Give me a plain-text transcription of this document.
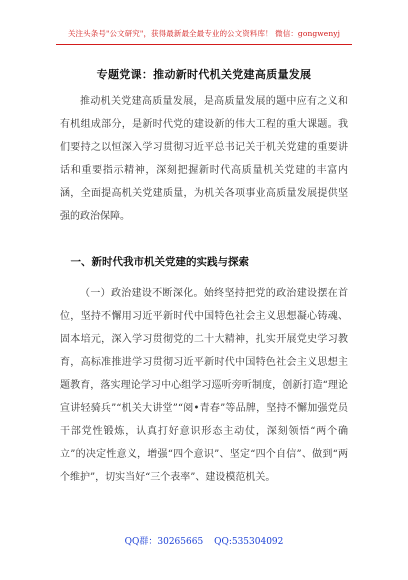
关注头条号"公文研究"，获得最新最全最专业的公文资料库！ 微信：gongwenyj
专题党课：推动新时代机关党建高质量发展

推动机关党建高质量发展，是高质量发展的题中应有之义和有机组成部分，是新时代党的建设新的伟大工程的重大课题。我们要持之以恒深入学习贯彻习近平总书记关于机关党建的重要讲话和重要指示精神，深刻把握新时代高质量机关党建的丰富内涵，全面提高机关党建质量，为机关各项事业高质量发展提供坚强的政治保障。

一、新时代我市机关党建的实践与探索

（一）政治建设不断深化。始终坚持把党的政治建设摆在首位，坚持不懈用习近平新时代中国特色社会主义思想凝心铸魂、固本培元，深入学习贯彻党的二十大精神，扎实开展党史学习教育，高标准推进学习贯彻习近平新时代中国特色社会主义思想主题教育，落实理论学习中心组学习巡听旁听制度，创新打造“理论宣讲轻骑兵”“机关大讲堂”“阅•青春”等品牌，坚持不懈加强党员干部党性锻炼，认真打好意识形态主动仗，深刻领悟“两个确立”的决定性意义，增强“四个意识”、坚定“四个自信”、做到“两个维护”，切实当好“三个表率”、建设模范机关。

QQ群：30265665 QQ:535304092
